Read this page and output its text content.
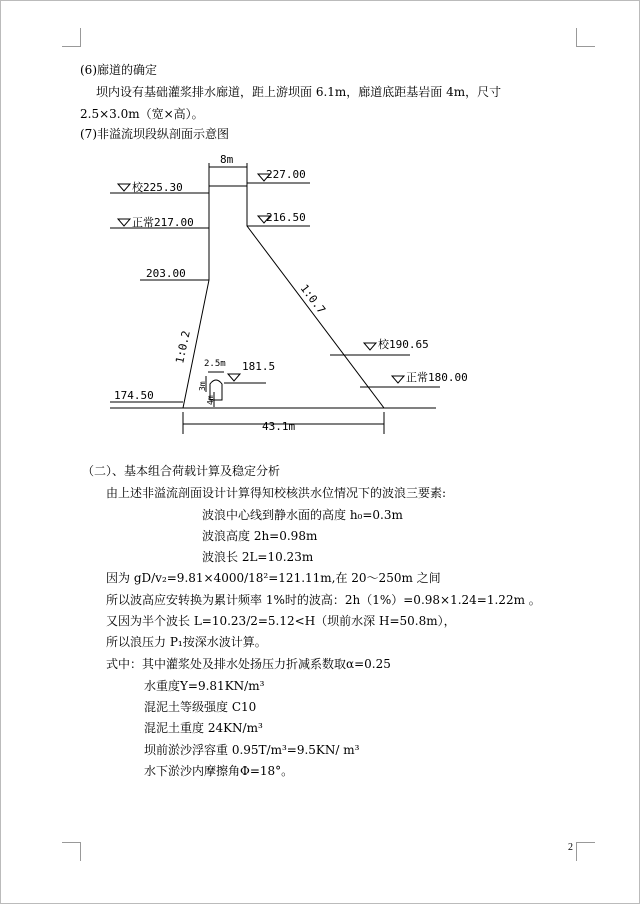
(6)廊道的确定
坝内设有基础灌浆排水廊道，距上游坝面 6.1m，廊道底距基岩面 4m，尺寸
2.5×3.0m（宽×高）。
(7)非溢流坝段纵剖面示意图
8m
227.00
校225.30
正常217.00	216.50
203.00
1:0.2
1:0.7
2.5m
3m
4m
181.5
校190.65
正常180.00
174.50
43.1m
（二）、基本组合荷载计算及稳定分析
由上述非溢流剖面设计计算得知校核洪水位情况下的波浪三要素:
波浪中心线到静水面的高度 h₀=0.3m
波浪高度 2h=0.98m
波浪长 2L=10.23m
因为 gD/v₂=9.81×4000/18²=121.11m,在 20～250m 之间
所以波高应安转换为累计频率 1%时的波高：2h（1%）=0.98×1.24=1.22m 。
又因为半个波长 L=10.23/2=5.12<H（坝前水深 H=50.8m），
所以浪压力 P₁按深水波计算。
式中：其中灌浆处及排水处扬压力折减系数取α=0.25
水重度Y=9.81KN/m³
混泥土等级强度 C10
混泥土重度 24KN/m³
坝前淤沙浮容重 0.95T/m³=9.5KN/ m³
水下淤沙内摩擦角Φ=18°。
2
